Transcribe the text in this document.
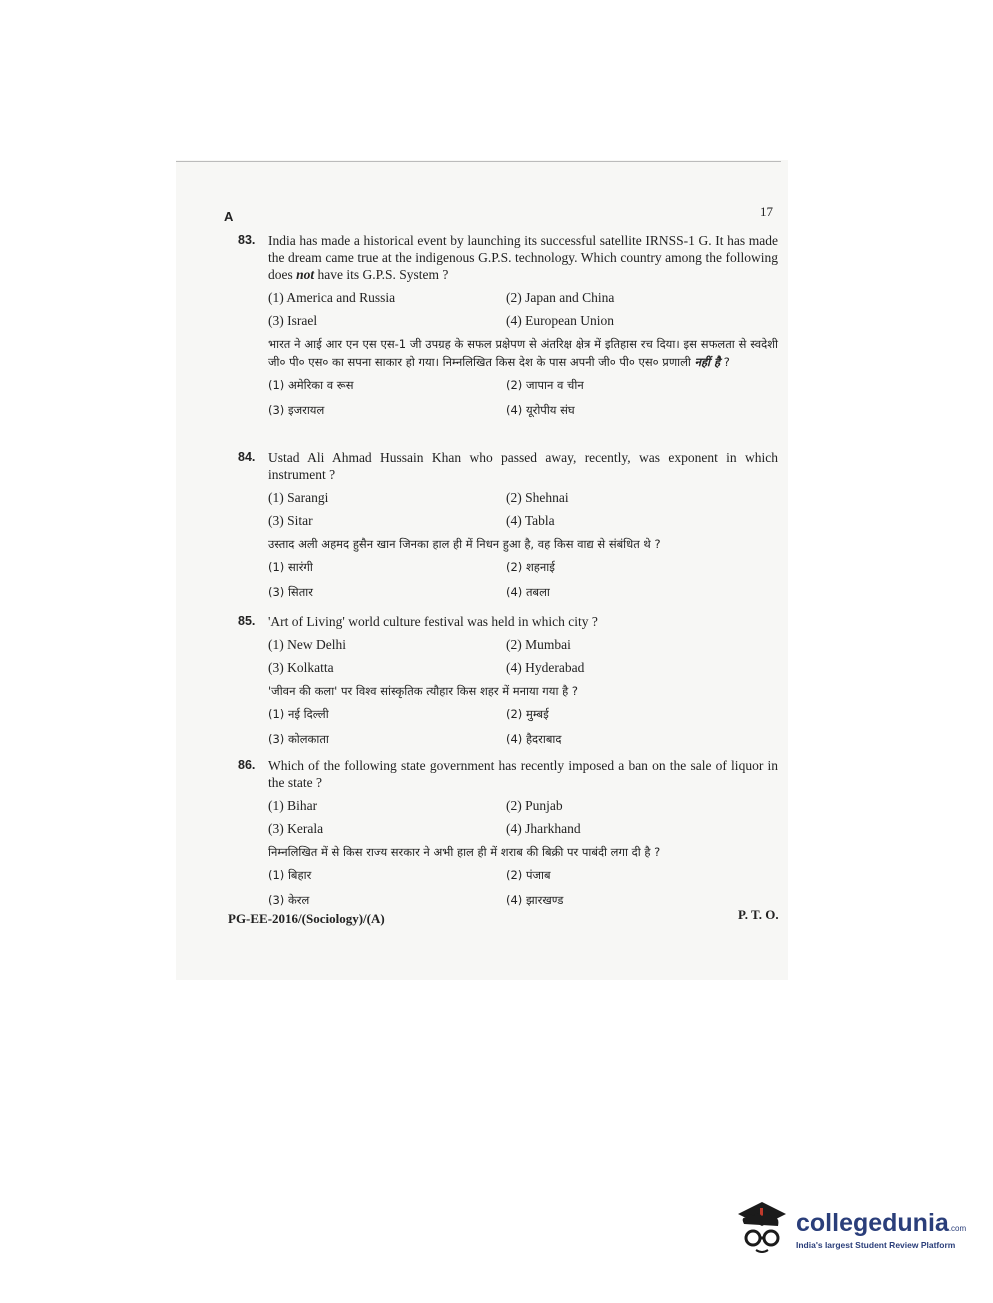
A	17
83. India has made a historical event by launching its successful satellite IRNSS-1 G. It has made the dream came true at the indigenous G.P.S. technology. Which country among the following does not have its G.P.S. System ?
(1) America and Russia	(2) Japan and China
(3) Israel	(4) European Union
भारत ने आई आर एन एस एस-1 जी उपग्रह के सफल प्रक्षेपण से अंतरिक्ष क्षेत्र में इतिहास रच दिया। इस सफलता से स्वदेशी जी० पी० एस० का सपना साकार हो गया। निम्नलिखित किस देश के पास अपनी जी० पी० एस० प्रणाली नहीं है ?
(1) अमेरिका व रूस	(2) जापान व चीन
(3) इजरायल	(4) यूरोपीय संघ
84. Ustad Ali Ahmad Hussain Khan who passed away, recently, was exponent in which instrument ?
(1) Sarangi	(2) Shehnai
(3) Sitar	(4) Tabla
उस्ताद अली अहमद हुसैन खान जिनका हाल ही में निधन हुआ है, वह किस वाद्य से संबंधित थे ?
(1) सारंगी	(2) शहनाई
(3) सितार	(4) तबला
85. 'Art of Living' world culture festival was held in which city ?
(1) New Delhi	(2) Mumbai
(3) Kolkatta	(4) Hyderabad
'जीवन की कला' पर विश्व सांस्कृतिक त्यौहार किस शहर में मनाया गया है ?
(1) नई दिल्ली	(2) मुम्बई
(3) कोलकाता	(4) हैदराबाद
86. Which of the following state government has recently imposed a ban on the sale of liquor in the state ?
(1) Bihar	(2) Punjab
(3) Kerala	(4) Jharkhand
निम्नलिखित में से किस राज्य सरकार ने अभी हाल ही में शराब की बिक्री पर पाबंदी लगा दी है ?
(1) बिहार	(2) पंजाब
(3) केरल	(4) झारखण्ड
PG-EE-2016/(Sociology)/(A)	P. T. O.
collegedunia.com
India's largest Student Review Platform
